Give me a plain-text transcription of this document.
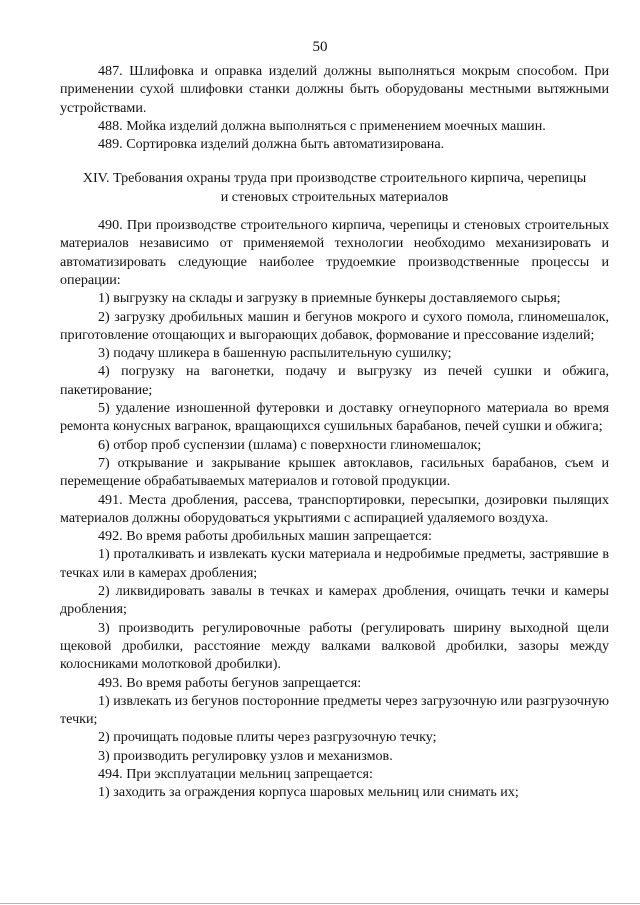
50

487. Шлифовка и оправка изделий должны выполняться мокрым способом. При применении сухой шлифовки станки должны быть оборудованы местными вытяжными устройствами.

488. Мойка изделий должна выполняться с применением моечных машин.

489. Сортировка изделий должна быть автоматизирована.

XIV. Требования охраны труда при производстве строительного кирпича, черепицы и стеновых строительных материалов

490. При производстве строительного кирпича, черепицы и стеновых строительных материалов независимо от применяемой технологии необходимо механизировать и автоматизировать следующие наиболее трудоемкие производственные процессы и операции:

1) выгрузку на склады и загрузку в приемные бункеры доставляемого сырья;

2) загрузку дробильных машин и бегунов мокрого и сухого помола, глиномешалок, приготовление отощающих и выгорающих добавок, формование и прессование изделий;

3) подачу шликера в башенную распылительную сушилку;

4) погрузку на вагонетки, подачу и выгрузку из печей сушки и обжига, пакетирование;

5) удаление изношенной футеровки и доставку огнеупорного материала во время ремонта конусных вагранок, вращающихся сушильных барабанов, печей сушки и обжига;

6) отбор проб суспензии (шлама) с поверхности глиномешалок;

7) открывание и закрывание крышек автоклавов, гасильных барабанов, съем и перемещение обрабатываемых материалов и готовой продукции.

491. Места дробления, рассева, транспортировки, пересыпки, дозировки пылящих материалов должны оборудоваться укрытиями с аспирацией удаляемого воздуха.

492. Во время работы дробильных машин запрещается:

1) проталкивать и извлекать куски материала и недробимые предметы, застрявшие в течках или в камерах дробления;

2) ликвидировать завалы в течках и камерах дробления, очищать течки и камеры дробления;

3) производить регулировочные работы (регулировать ширину выходной щели щековой дробилки, расстояние между валками валковой дробилки, зазоры между колосниками молотковой дробилки).

493. Во время работы бегунов запрещается:

1) извлекать из бегунов посторонние предметы через загрузочную или разгрузочную течки;

2) прочищать подовые плиты через разгрузочную течку;

3) производить регулировку узлов и механизмов.

494. При эксплуатации мельниц запрещается:

1) заходить за ограждения корпуса шаровых мельниц или снимать их;
